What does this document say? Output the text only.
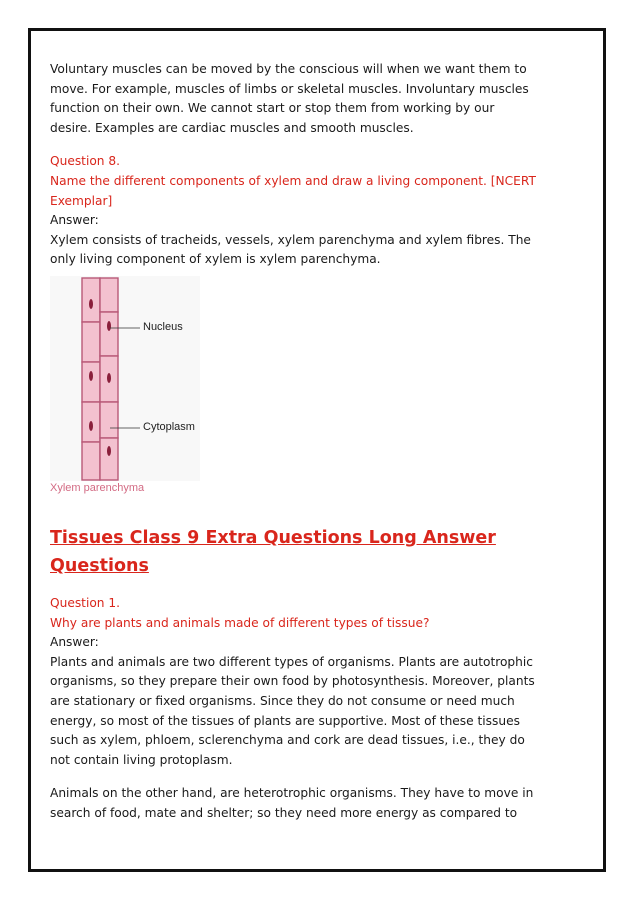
Voluntary muscles can be moved by the conscious will when we want them to move. For example, muscles of limbs or skeletal muscles. Involuntary muscles function on their own. We cannot start or stop them from working by our desire. Examples are cardiac muscles and smooth muscles.

Question 8.

Name the different components of xylem and draw a living component. [NCERT Exemplar]

Answer:

Xylem consists of tracheids, vessels, xylem parenchyma and xylem fibres. The only living component of xylem is xylem parenchyma.

Nucleus
Cytoplasm
Xylem parenchyma
Tissues Class 9 Extra Questions Long Answer Questions

Question 1.

Why are plants and animals made of different types of tissue?

Answer:

Plants and animals are two different types of organisms. Plants are autotrophic organisms, so they prepare their own food by photosynthesis. Moreover, plants are stationary or fixed organisms. Since they do not consume or need much energy, so most of the tissues of plants are supportive. Most of these tissues such as xylem, phloem, sclerenchyma and cork are dead tissues, i.e., they do not contain living protoplasm.

Animals on the other hand, are heterotrophic organisms. They have to move in search of food, mate and shelter; so they need more energy as compared to
